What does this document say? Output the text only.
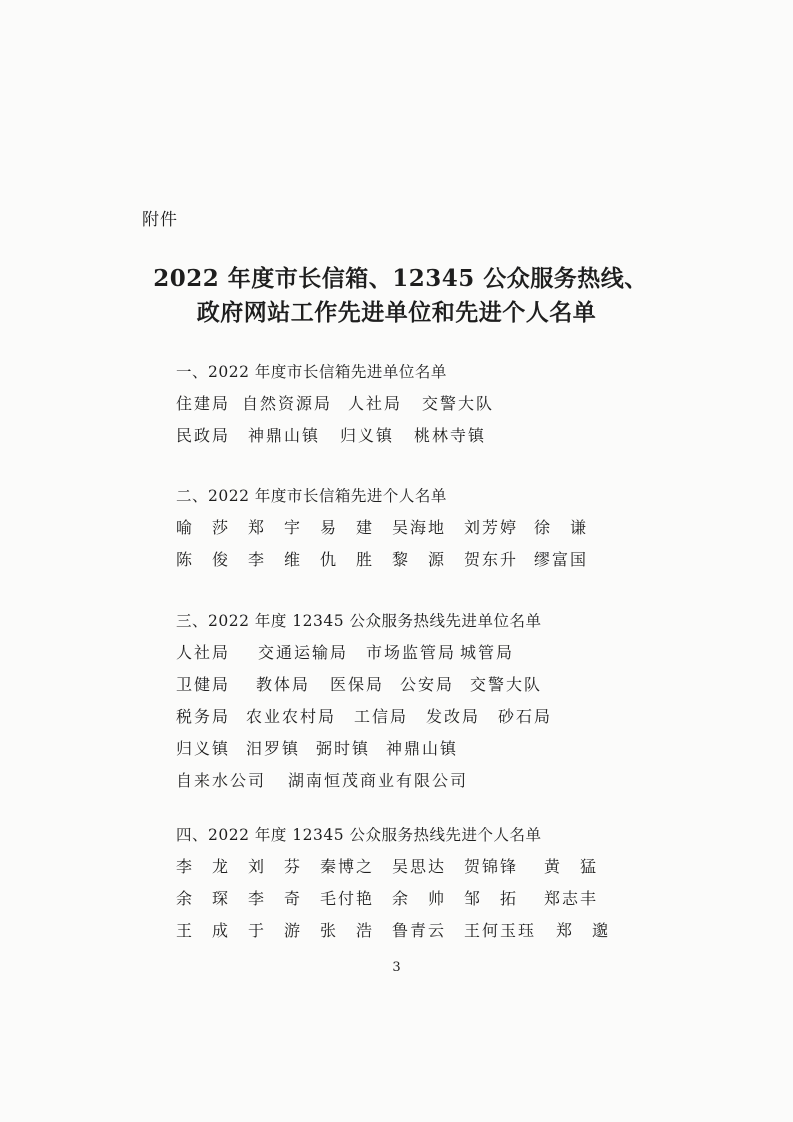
附件
2022 年度市长信箱、12345 公众服务热线、
政府网站工作先进单位和先进个人名单
一、2022 年度市长信箱先进单位名单
住建局 自然资源局 人社局	交警大队
民政局	神鼎山镇	归义镇	桃林寺镇
二、2022 年度市长信箱先进个人名单
喻　莎	郑　宇	易　建	吴海地	刘芳婷 徐　谦
陈　俊	李　维	仇　胜	黎　源	贺东升 缪富国
三、2022 年度 12345 公众服务热线先进单位名单
人社局	交通运输局	市场监管局 城管局
卫健局	教体局	医保局 公安局 交警大队
税务局 农业农村局	工信局	发改局	砂石局
归义镇 汨罗镇 弼时镇 神鼎山镇
自来水公司	湖南恒茂商业有限公司
四、2022 年度 12345 公众服务热线先进个人名单
李　龙	刘　芬	秦博之	吴思达	贺锦锋	黄　猛
余　琛	李　奇	毛付艳	余　帅	邹　拓	郑志丰
王　成	于　游	张　浩	鲁青云	王何玉珏	郑　邈
3
